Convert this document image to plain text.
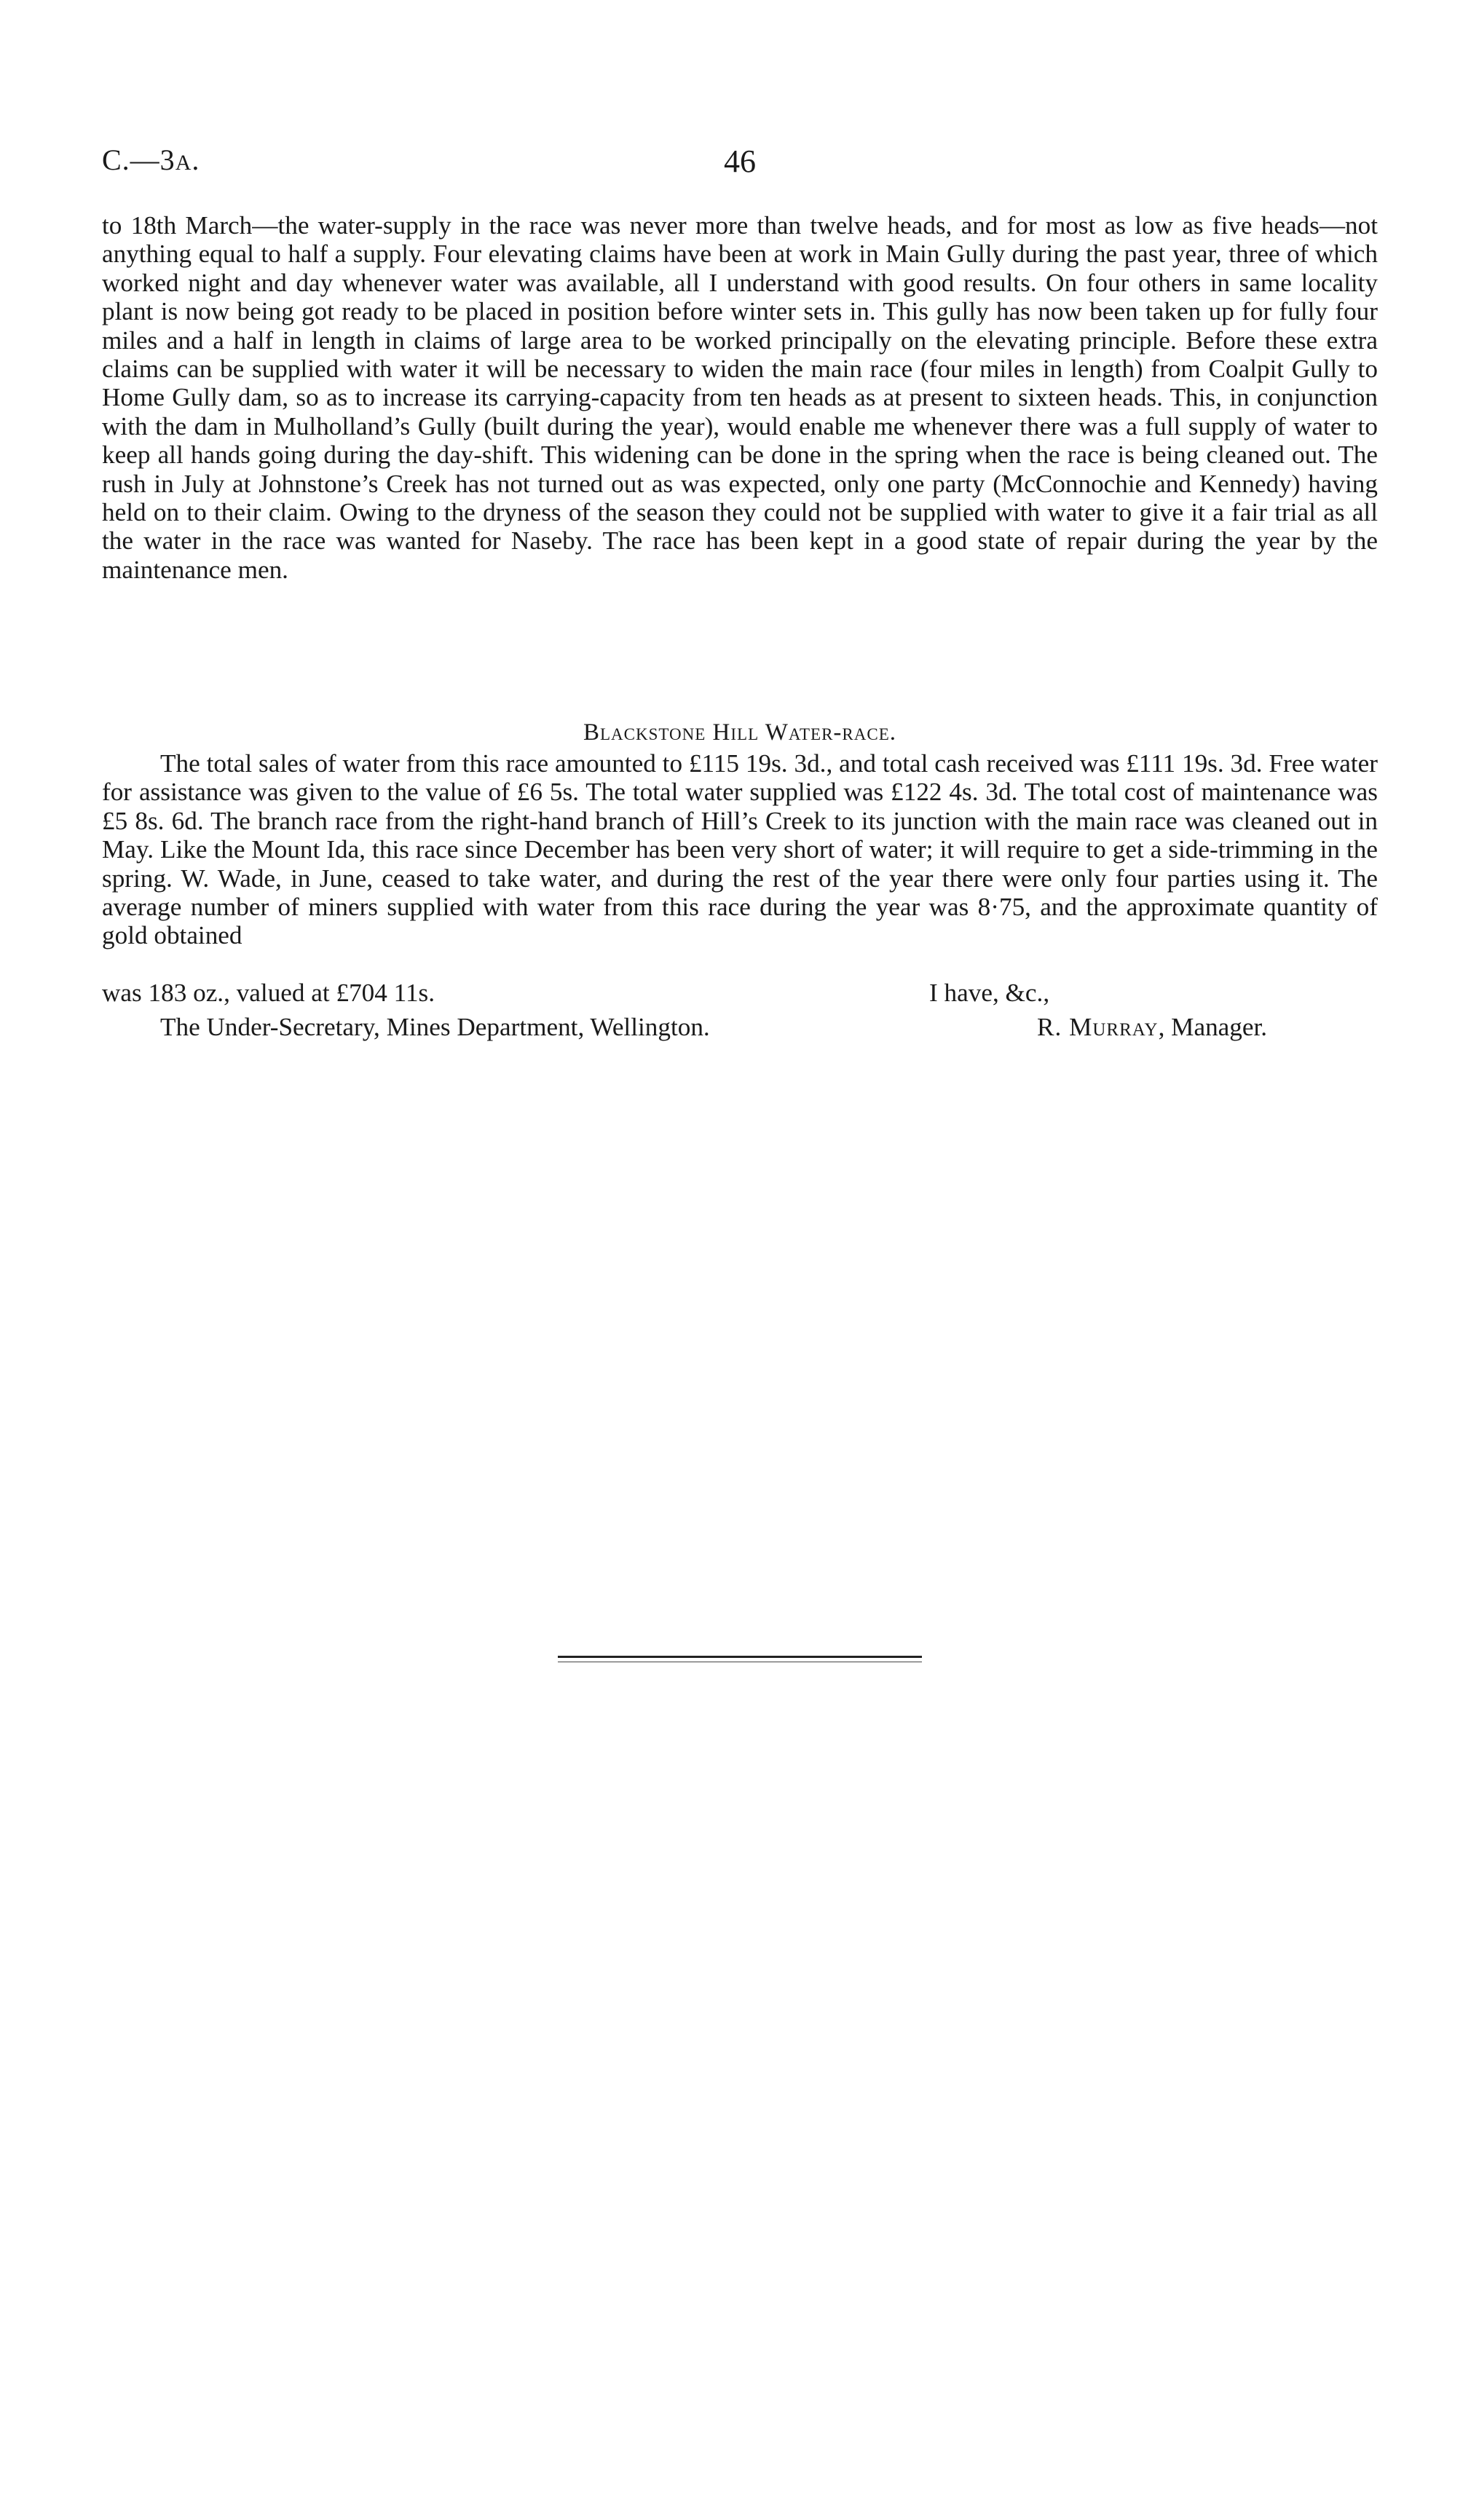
C.—3A.	46

to 18th March—the water-supply in the race was never more than twelve heads, and for most as low as five heads—not anything equal to half a supply. Four elevating claims have been at work in Main Gully during the past year, three of which worked night and day whenever water was available, all I understand with good results. On four others in same locality plant is now being got ready to be placed in position before winter sets in. This gully has now been taken up for fully four miles and a half in length in claims of large area to be worked principally on the elevating principle. Before these extra claims can be supplied with water it will be necessary to widen the main race (four miles in length) from Coalpit Gully to Home Gully dam, so as to increase its carrying-capacity from ten heads as at present to sixteen heads. This, in conjunction with the dam in Mulholland’s Gully (built during the year), would enable me whenever there was a full supply of water to keep all hands going during the day-shift. This widening can be done in the spring when the race is being cleaned out. The rush in July at Johnstone’s Creek has not turned out as was expected, only one party (McConnochie and Kennedy) having held on to their claim. Owing to the dryness of the season they could not be supplied with water to give it a fair trial as all the water in the race was wanted for Naseby. The race has been kept in a good state of repair during the year by the maintenance men.

Blackstone Hill Water-race.

The total sales of water from this race amounted to £115 19s. 3d., and total cash received was £111 19s. 3d. Free water for assistance was given to the value of £6 5s. The total water supplied was £122 4s. 3d. The total cost of maintenance was £5 8s. 6d. The branch race from the right-hand branch of Hill’s Creek to its junction with the main race was cleaned out in May. Like the Mount Ida, this race since December has been very short of water; it will require to get a side-trimming in the spring. W. Wade, in June, ceased to take water, and during the rest of the year there were only four parties using it. The average number of miners supplied with water from this race during the year was 8·75, and the approximate quantity of gold obtained

was 183 oz., valued at £704 11s.	I have, &c.,
The Under-Secretary, Mines Department, Wellington.	R. Murray, Manager.
